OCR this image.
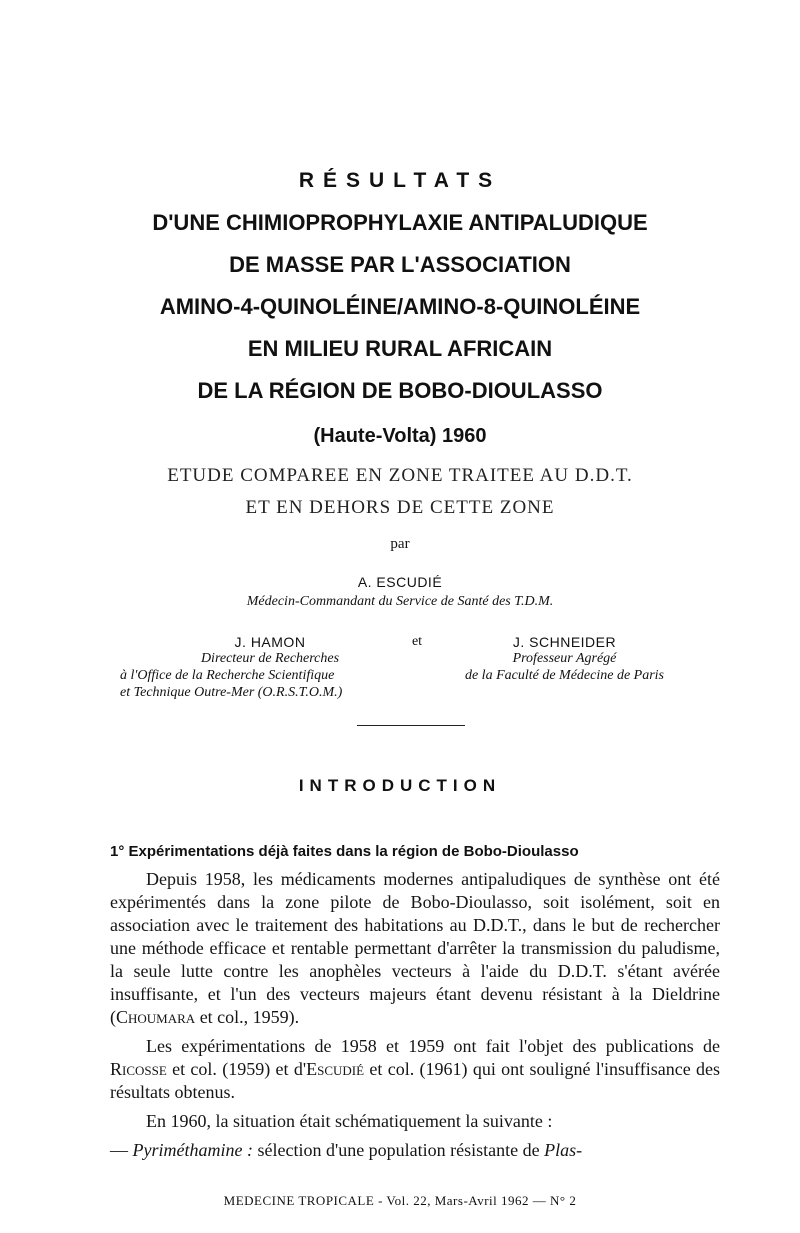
RÉSULTATS
D'UNE CHIMIOPROPHYLAXIE ANTIPALUDIQUE
DE MASSE PAR L'ASSOCIATION
AMINO-4-QUINOLÉINE/AMINO-8-QUINOLÉINE
EN MILIEU RURAL AFRICAIN
DE LA RÉGION DE BOBO-DIOULASSO
(Haute-Volta) 1960
ETUDE COMPAREE EN ZONE TRAITEE AU D.D.T.
ET EN DEHORS DE CETTE ZONE
par
A. ESCUDIÉ
Médecin-Commandant du Service de Santé des T.D.M.
J. HAMON
Directeur de Recherches
à l'Office de la Recherche Scientifique
et Technique Outre-Mer (O.R.S.T.O.M.)
et	J. SCHNEIDER
Professeur Agrégé
de la Faculté de Médecine de Paris
INTRODUCTION
1° Expérimentations déjà faites dans la région de Bobo-Dioulasso

Depuis 1958, les médicaments modernes antipaludiques de synthèse ont été expérimentés dans la zone pilote de Bobo-Dioulasso, soit isolément, soit en association avec le traitement des habitations au D.D.T., dans le but de rechercher une méthode efficace et rentable permettant d'arrêter la transmission du paludisme, la seule lutte contre les anophèles vecteurs à l'aide du D.D.T. s'étant avérée insuffisante, et l'un des vecteurs majeurs étant devenu résistant à la Dieldrine (Choumara et col., 1959).

Les expérimentations de 1958 et 1959 ont fait l'objet des publications de Ricosse et col. (1959) et d'Escudié et col. (1961) qui ont souligné l'insuffisance des résultats obtenus.

En 1960, la situation était schématiquement la suivante :

— Pyriméthamine : sélection d'une population résistante de Plas-

MEDECINE TROPICALE - Vol. 22, Mars-Avril 1962 — N° 2
